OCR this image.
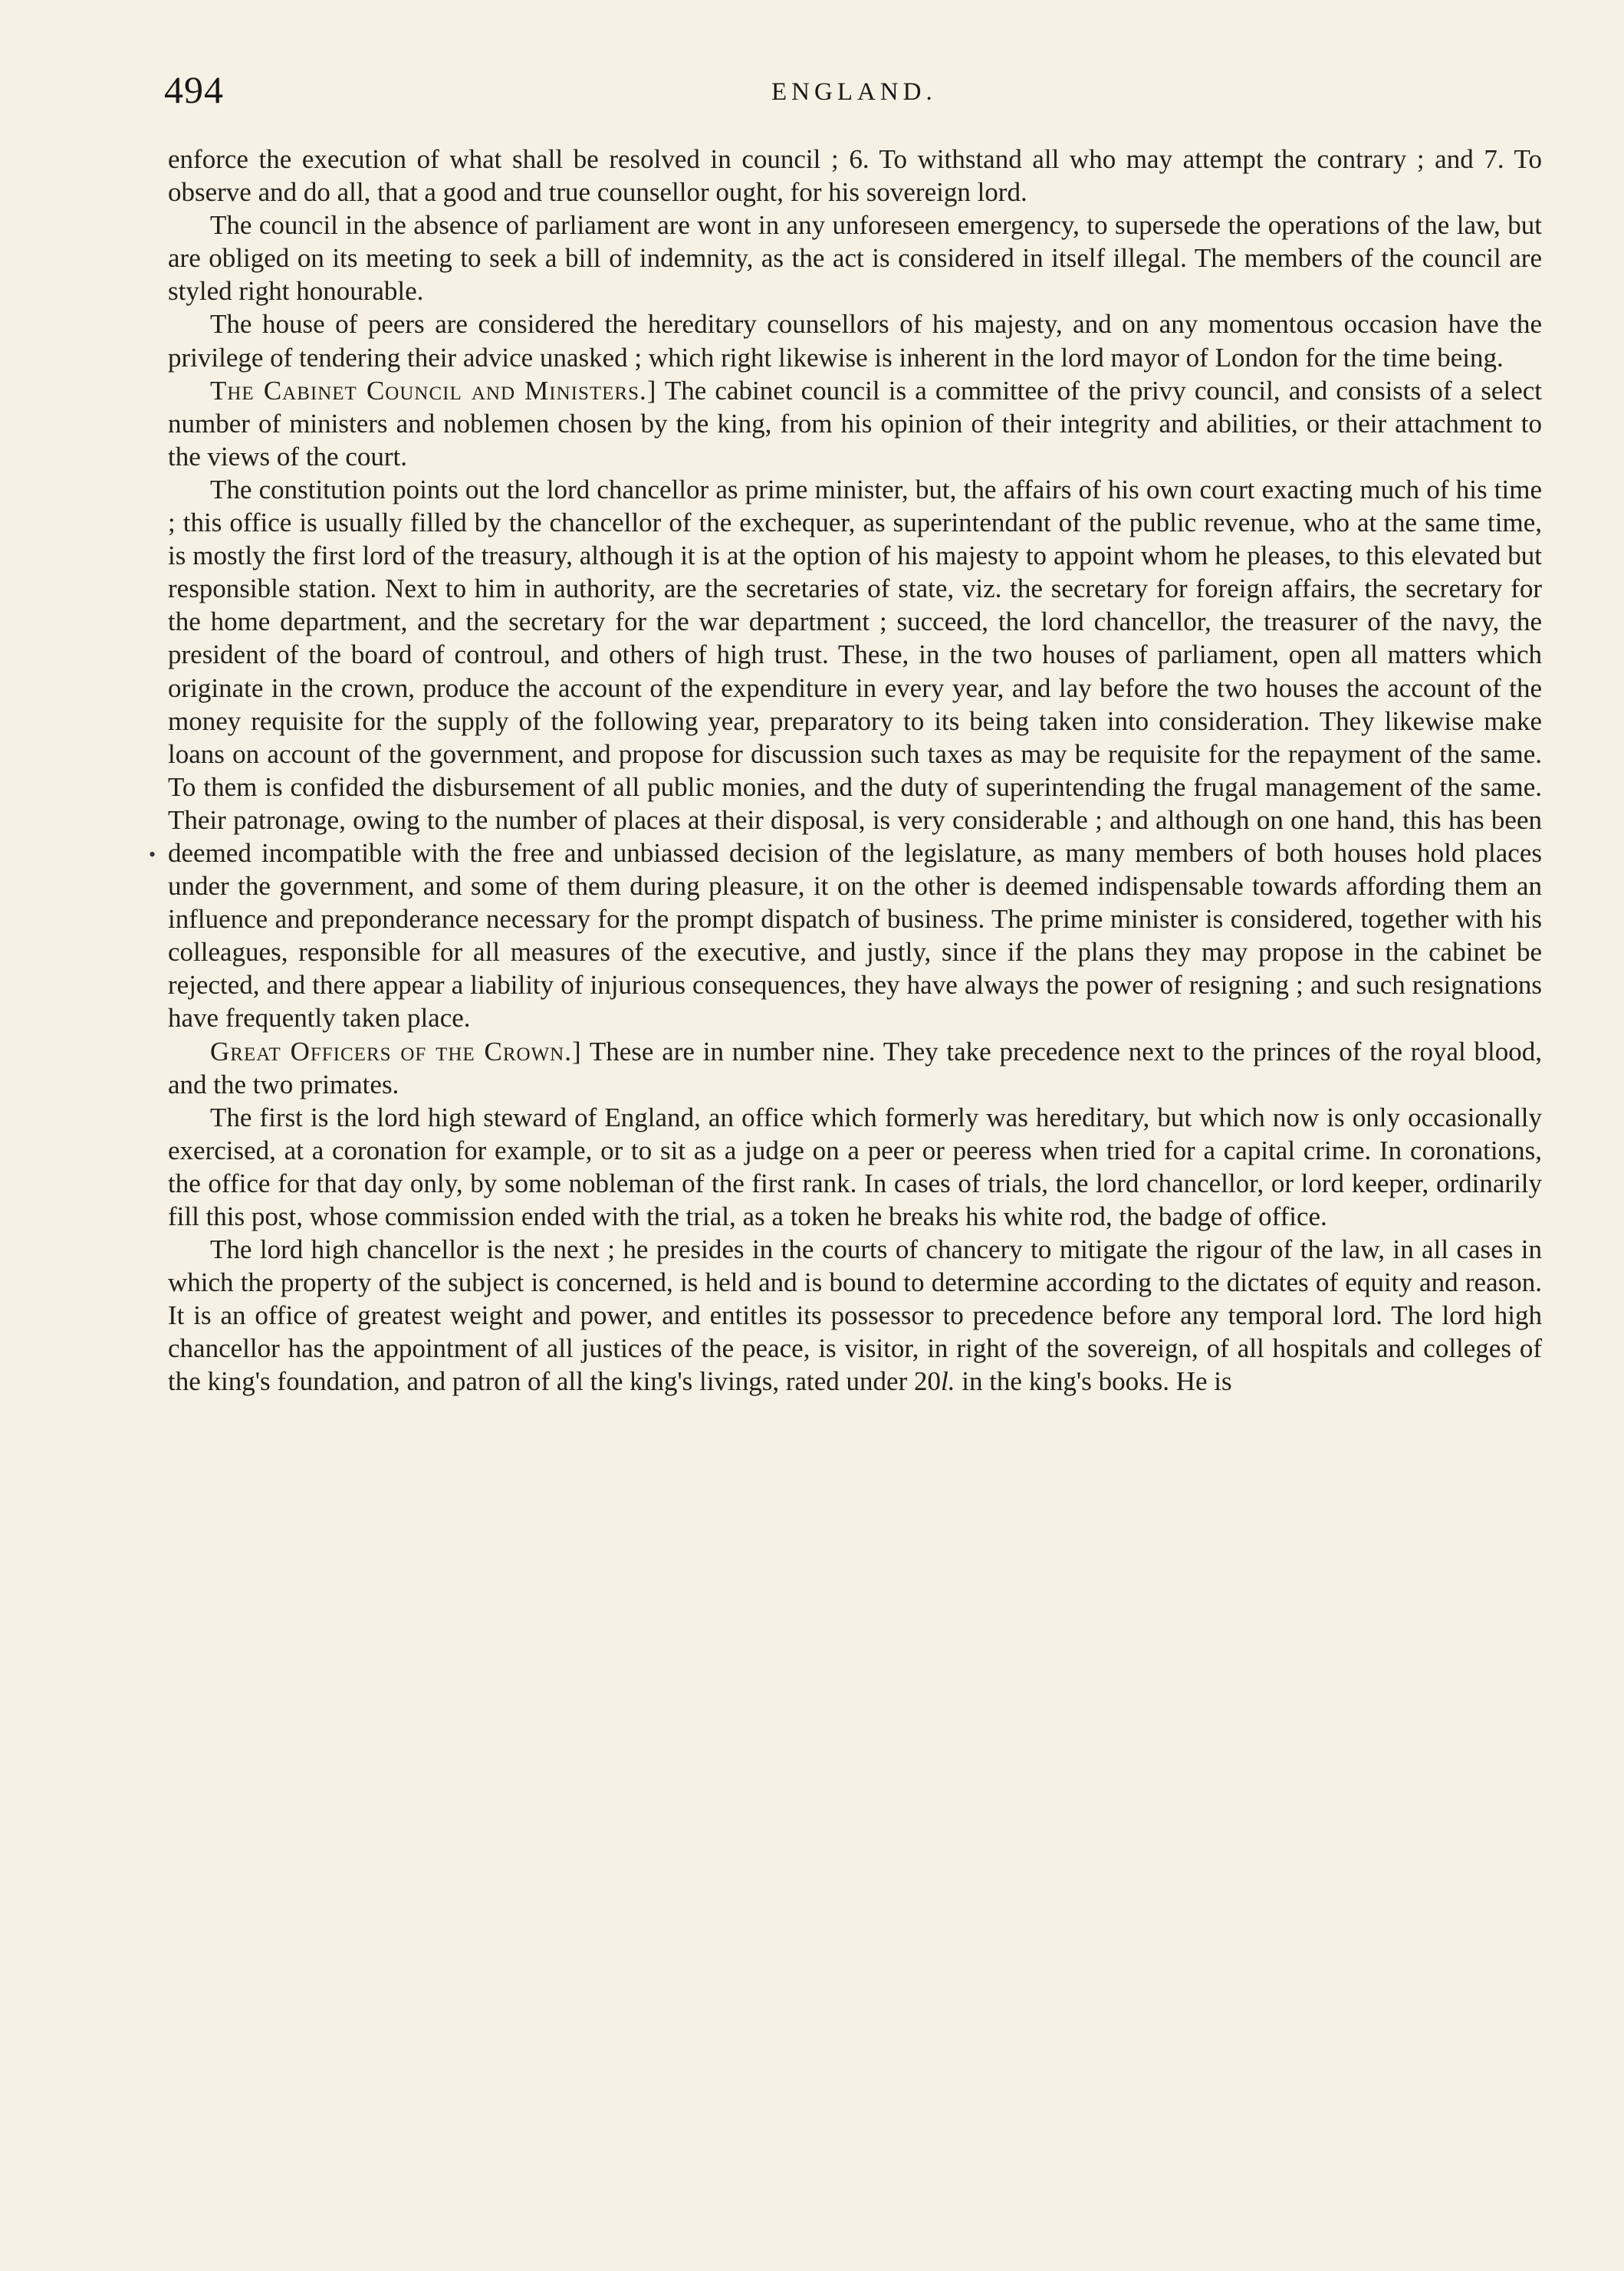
494	ENGLAND.
•

enforce the execution of what shall be resolved in council ; 6. To withstand all who may attempt the contrary ; and 7. To observe and do all, that a good and true counsellor ought, for his sovereign lord.

The council in the absence of parliament are wont in any unforeseen emergency, to supersede the operations of the law, but are obliged on its meeting to seek a bill of indemnity, as the act is considered in itself illegal. The members of the council are styled right honourable.

The house of peers are considered the hereditary counsellors of his majesty, and on any momentous occasion have the privilege of tendering their advice unasked ; which right likewise is inherent in the lord mayor of London for the time being.

The Cabinet Council and Ministers.] The cabinet council is a committee of the privy council, and consists of a select number of ministers and noblemen chosen by the king, from his opinion of their integrity and abilities, or their attachment to the views of the court.

The constitution points out the lord chancellor as prime minister, but, the affairs of his own court exacting much of his time ; this office is usually filled by the chancellor of the exchequer, as superintendant of the public revenue, who at the same time, is mostly the first lord of the treasury, although it is at the option of his majesty to appoint whom he pleases, to this elevated but responsible station. Next to him in authority, are the secretaries of state, viz. the secretary for foreign affairs, the secretary for the home department, and the secretary for the war department ; succeed, the lord chancellor, the treasurer of the navy, the president of the board of controul, and others of high trust. These, in the two houses of parliament, open all matters which originate in the crown, produce the account of the expenditure in every year, and lay before the two houses the account of the money requisite for the supply of the following year, preparatory to its being taken into consideration. They likewise make loans on account of the government, and propose for discussion such taxes as may be requisite for the repayment of the same. To them is confided the disbursement of all public monies, and the duty of superintending the frugal management of the same. Their patronage, owing to the number of places at their disposal, is very considerable ; and although on one hand, this has been deemed incompatible with the free and unbiassed decision of the legislature, as many members of both houses hold places under the government, and some of them during pleasure, it on the other is deemed indispensable towards affording them an influence and preponderance necessary for the prompt dispatch of business. The prime minister is considered, together with his colleagues, responsible for all measures of the executive, and justly, since if the plans they may propose in the cabinet be rejected, and there appear a liability of injurious consequences, they have always the power of resigning ; and such resignations have frequently taken place.

Great Officers of the Crown.] These are in number nine. They take precedence next to the princes of the royal blood, and the two primates.

The first is the lord high steward of England, an office which formerly was hereditary, but which now is only occasionally exercised, at a coronation for example, or to sit as a judge on a peer or peeress when tried for a capital crime. In coronations, the office for that day only, by some nobleman of the first rank. In cases of trials, the lord chancellor, or lord keeper, ordinarily fill this post, whose commission ended with the trial, as a token he breaks his white rod, the badge of office.

The lord high chancellor is the next ; he presides in the courts of chancery to mitigate the rigour of the law, in all cases in which the property of the subject is concerned, is held and is bound to determine according to the dictates of equity and reason. It is an office of greatest weight and power, and entitles its possessor to precedence before any temporal lord. The lord high chancellor has the appointment of all justices of the peace, is visitor, in right of the sovereign, of all hospitals and colleges of the king's foundation, and patron of all the king's livings, rated under 20l. in the king's books. He is
